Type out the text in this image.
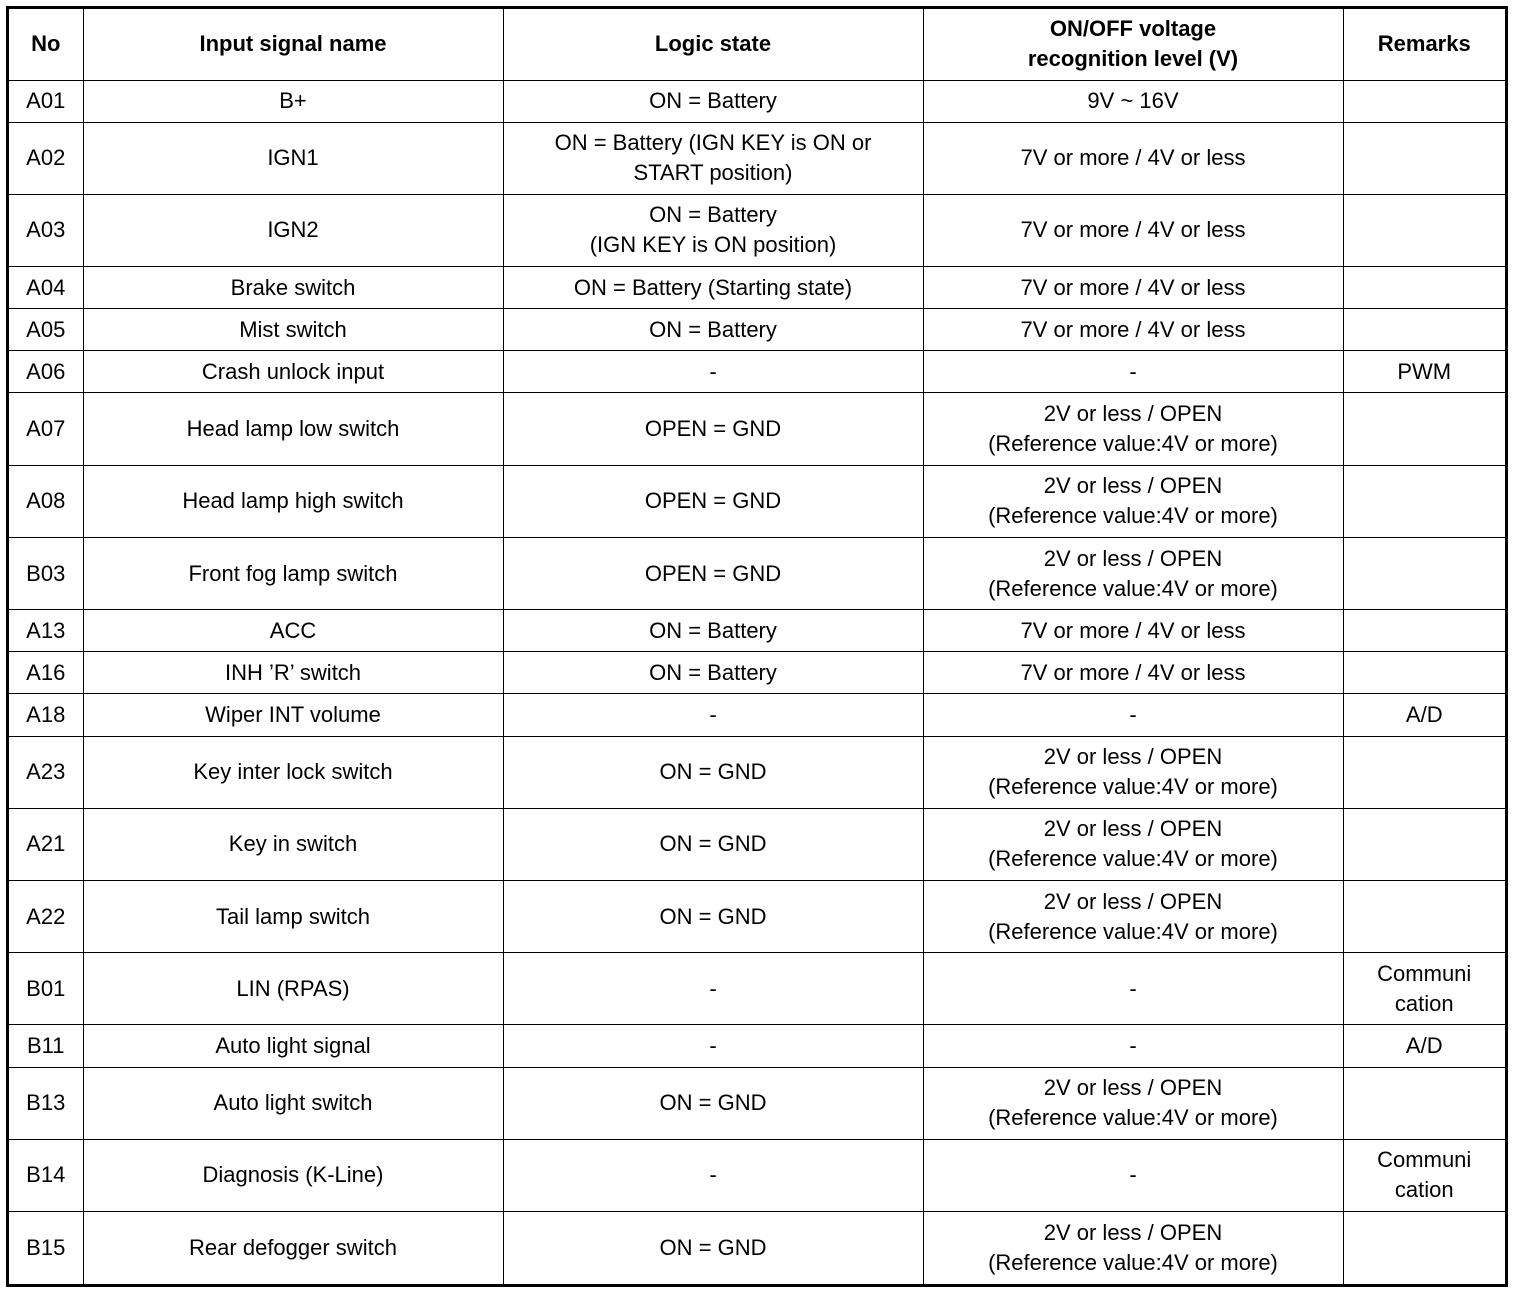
No	Input signal name	Logic state	ON/OFF voltage
recognition level (V)	Remarks
A01	B+	ON = Battery	9V ~ 16V	
A02	IGN1	ON = Battery (IGN KEY is ON or
START position)	7V or more / 4V or less	
A03	IGN2	ON = Battery
(IGN KEY is ON position)	7V or more / 4V or less	
A04	Brake switch	ON = Battery (Starting state)	7V or more / 4V or less	
A05	Mist switch	ON = Battery	7V or more / 4V or less	
A06	Crash unlock input	-	-	PWM
A07	Head lamp low switch	OPEN = GND	2V or less / OPEN
(Reference value:4V or more)	
A08	Head lamp high switch	OPEN = GND	2V or less / OPEN
(Reference value:4V or more)	
B03	Front fog lamp switch	OPEN = GND	2V or less / OPEN
(Reference value:4V or more)	
A13	ACC	ON = Battery	7V or more / 4V or less	
A16	INH ’R’ switch	ON = Battery	7V or more / 4V or less	
A18	Wiper INT volume	-	-	A/D
A23	Key inter lock switch	ON = GND	2V or less / OPEN
(Reference value:4V or more)	
A21	Key in switch	ON = GND	2V or less / OPEN
(Reference value:4V or more)	
A22	Tail lamp switch	ON = GND	2V or less / OPEN
(Reference value:4V or more)	
B01	LIN (RPAS)	-	-	Communi
cation
B11	Auto light signal	-	-	A/D
B13	Auto light switch	ON = GND	2V or less / OPEN
(Reference value:4V or more)	
B14	Diagnosis (K-Line)	-	-	Communi
cation
B15	Rear defogger switch	ON = GND	2V or less / OPEN
(Reference value:4V or more)	
